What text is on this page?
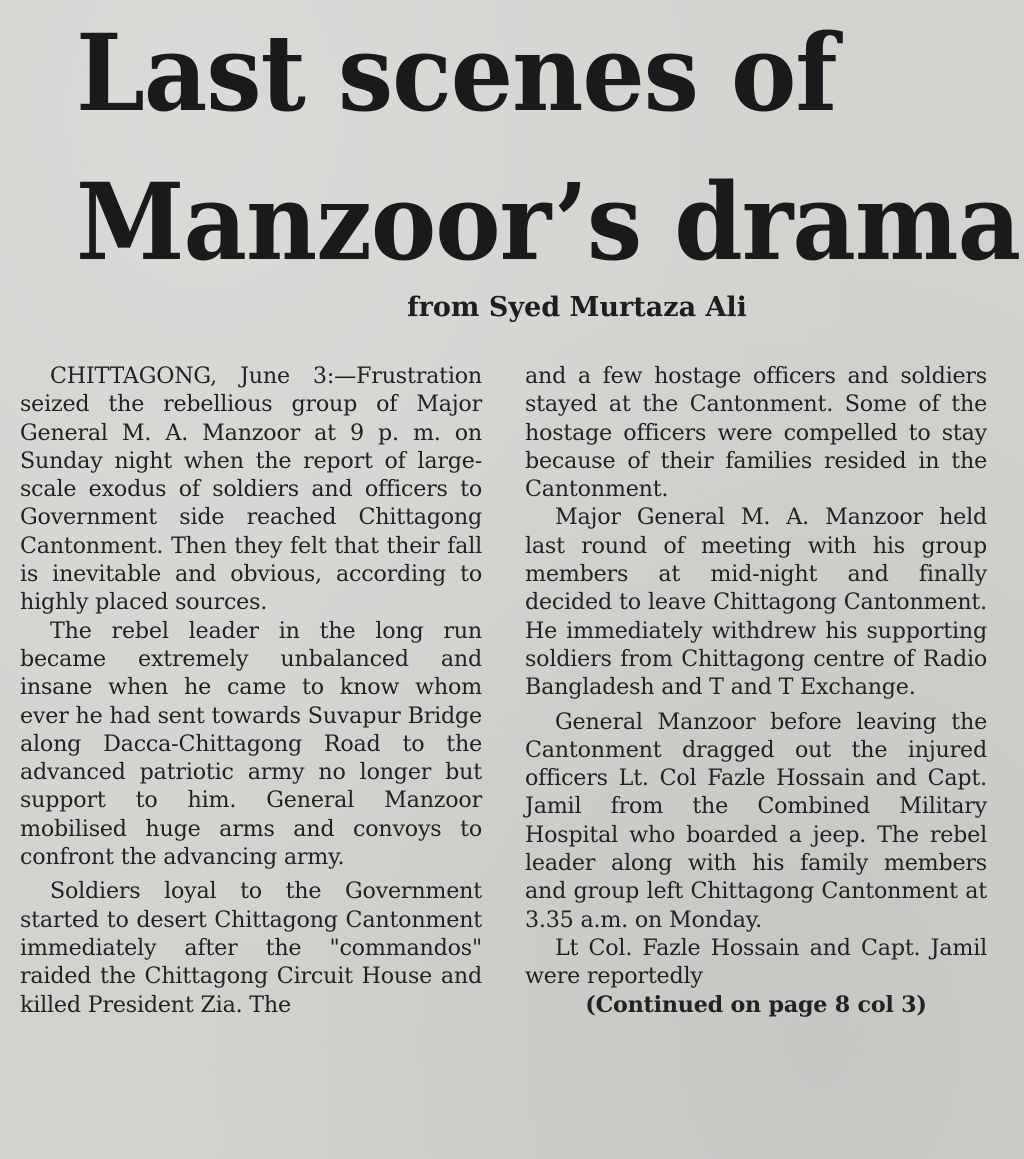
Last scenes of
Manzoor’s drama
from Syed Murtaza Ali

CHITTAGONG, June 3:—Frustration seized the rebellious group of Major General M. A. Manzoor at 9 p. m. on Sunday night when the report of large-scale exodus of soldiers and officers to Government side reached Chittagong Cantonment. Then they felt that their fall is inevitable and obvious, according to highly placed sources.

The rebel leader in the long run became extremely unbalanced and insane when he came to know whom ever he had sent towards Suvapur Bridge along Dacca-Chittagong Road to the advanced patriotic army no longer but support to him. General Manzoor mobilised huge arms and convoys to confront the advancing army.

Soldiers loyal to the Government started to desert Chittagong Cantonment immediately after the "commandos" raided the Chittagong Circuit House and killed President Zia. The

and a few hostage officers and soldiers stayed at the Cantonment. Some of the hostage officers were compelled to stay because of their families resided in the Cantonment.

Major General M. A. Manzoor held last round of meeting with his group members at mid-night and finally decided to leave Chittagong Cantonment. He immediately withdrew his supporting soldiers from Chittagong centre of Radio Bangladesh and T and T Exchange.

General Manzoor before leaving the Cantonment dragged out the injured officers Lt. Col Fazle Hossain and Capt. Jamil from the Combined Military Hospital who boarded a jeep. The rebel leader along with his family members and group left Chittagong Cantonment at 3.35 a.m. on Monday.

Lt Col. Fazle Hossain and Capt. Jamil were reportedly

(Continued on page 8 col 3)
